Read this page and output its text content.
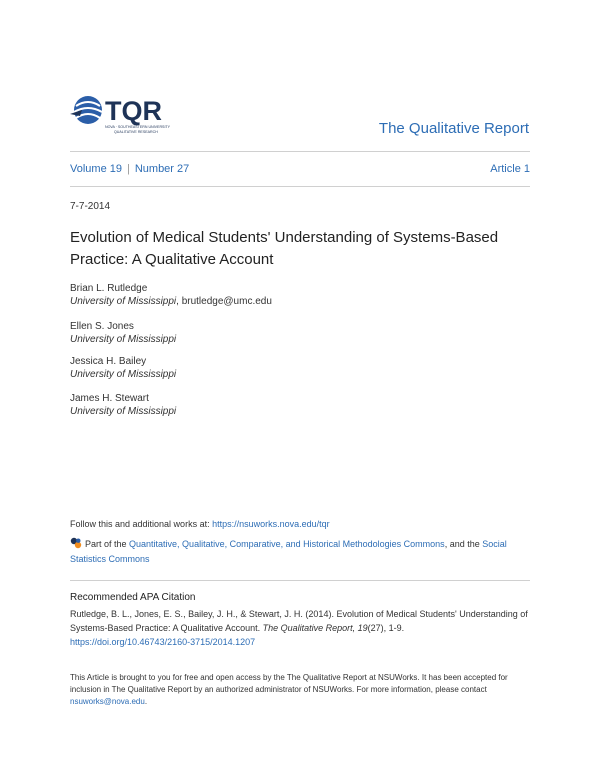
TQR
NOVA · SOUTHEASTERN UNIVERSITY
QUALITATIVE RESEARCH	The Qualitative Report
Volume 19 | Number 27	Article 1
7-7-2014
Evolution of Medical Students' Understanding of Systems-Based Practice: A Qualitative Account
Brian L. Rutledge
University of Mississippi, brutledge@umc.edu
Ellen S. Jones
University of Mississippi
Jessica H. Bailey
University of Mississippi
James H. Stewart
University of Mississippi
Follow this and additional works at: https://nsuworks.nova.edu/tqr
Part of the Quantitative, Qualitative, Comparative, and Historical Methodologies Commons, and the Social Statistics Commons
Recommended APA Citation
Rutledge, B. L., Jones, E. S., Bailey, J. H., & Stewart, J. H. (2014). Evolution of Medical Students' Understanding of Systems-Based Practice: A Qualitative Account. The Qualitative Report, 19(27), 1-9.
https://doi.org/10.46743/2160-3715/2014.1207
This Article is brought to you for free and open access by the The Qualitative Report at NSUWorks. It has been accepted for inclusion in The Qualitative Report by an authorized administrator of NSUWorks. For more information, please contact nsuworks@nova.edu.
